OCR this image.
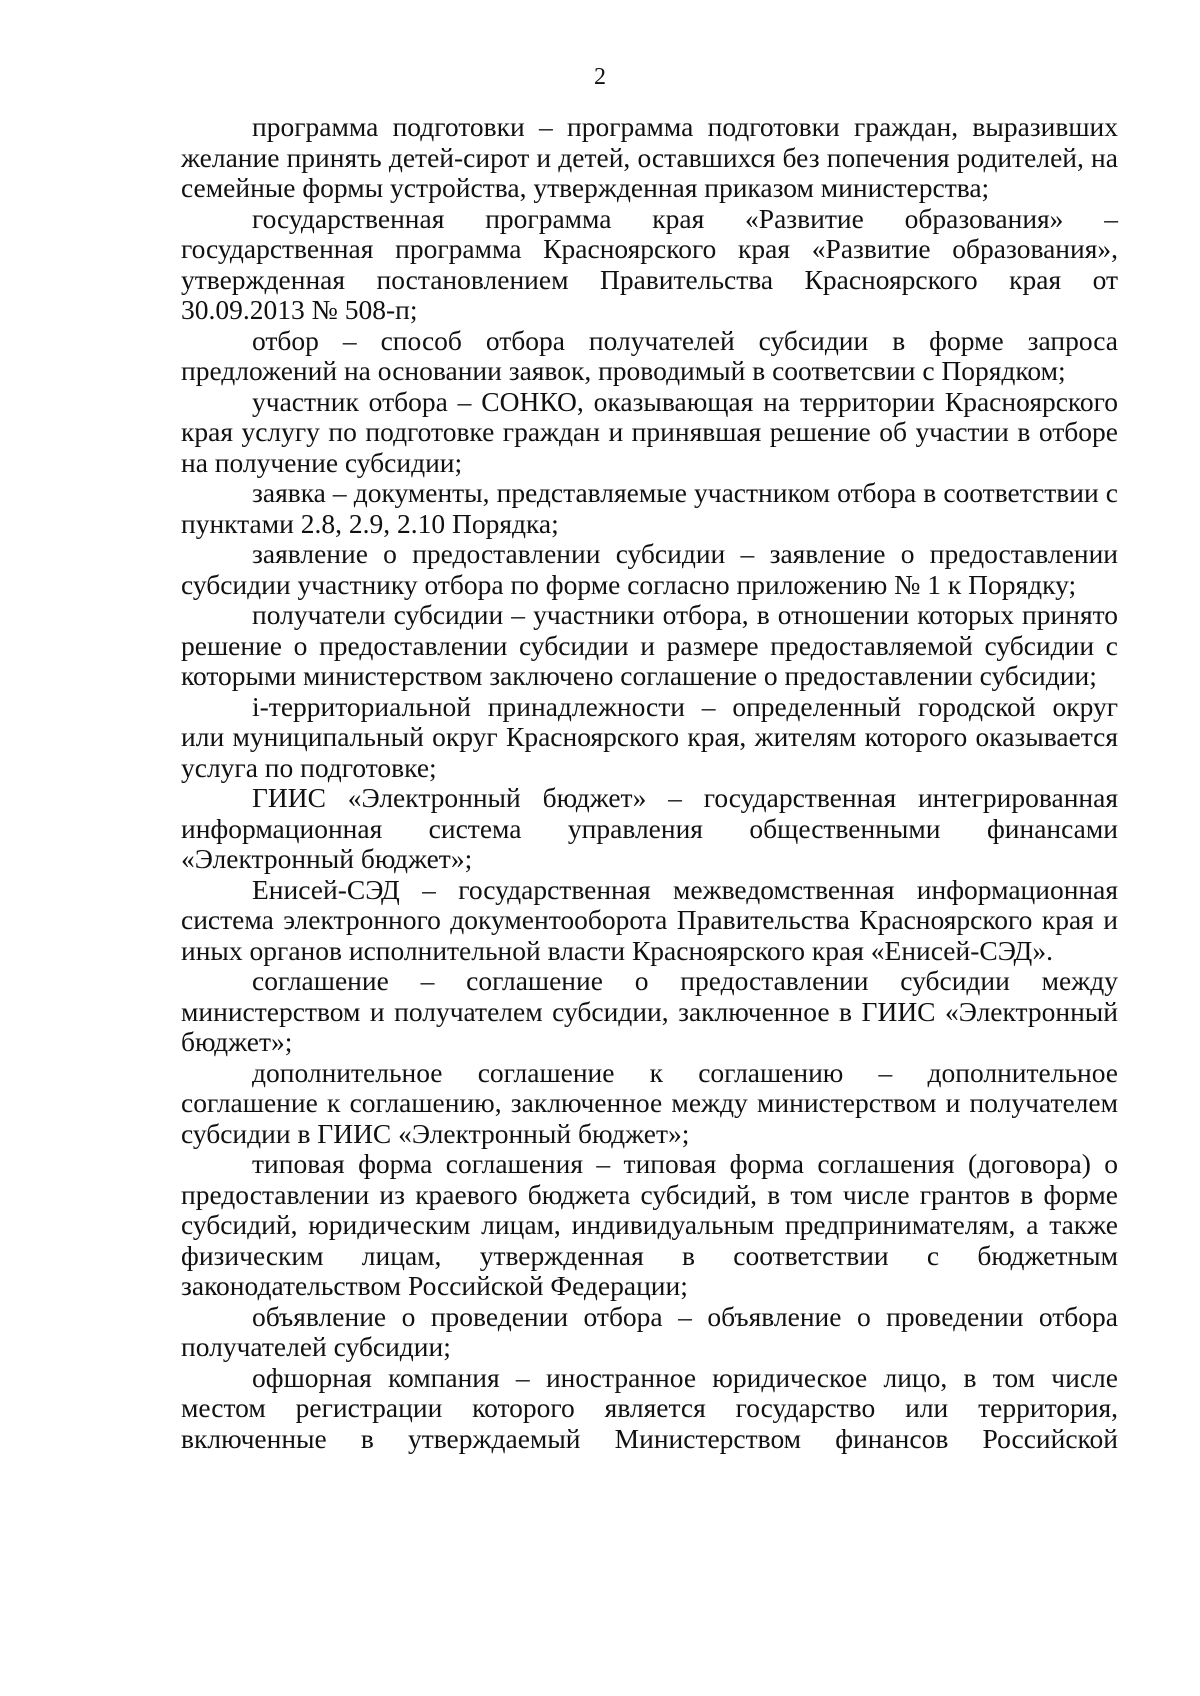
2

программа подготовки – программа подготовки граждан, выразивших желание принять детей-сирот и детей, оставшихся без попечения родителей, на семейные формы устройства, утвержденная приказом министерства;

государственная программа края «Развитие образования» – государственная программа Красноярского края «Развитие образования», утвержденная постановлением Правительства Красноярского края от 30.09.2013 № 508-п;

отбор – способ отбора получателей субсидии в форме запроса предложений на основании заявок, проводимый в соответсвии с Порядком;

участник отбора – СОНКО, оказывающая на территории Красноярского края услугу по подготовке граждан и принявшая решение об участии в отборе на получение субсидии;

заявка – документы, представляемые участником отбора в соответствии с пунктами 2.8, 2.9, 2.10 Порядка;

заявление о предоставлении субсидии – заявление о предоставлении субсидии участнику отбора по форме согласно приложению № 1 к Порядку;

получатели субсидии – участники отбора, в отношении которых принято решение о предоставлении субсидии и размере предоставляемой субсидии с которыми министерством заключено соглашение о предоставлении субсидии;

i-территориальной принадлежности – определенный городской округ или муниципальный округ Красноярского края, жителям которого оказывается услуга по подготовке;

ГИИС «Электронный бюджет» – государственная интегрированная информационная система управления общественными финансами «Электронный бюджет»;

Енисей-СЭД – государственная межведомственная информационная система электронного документооборота Правительства Красноярского края и иных органов исполнительной власти Красноярского края «Енисей-СЭД».

соглашение – соглашение о предоставлении субсидии между министерством и получателем субсидии, заключенное в ГИИС «Электронный бюджет»;

дополнительное соглашение к соглашению – дополнительное соглашение к соглашению, заключенное между министерством и получателем субсидии в ГИИС «Электронный бюджет»;

типовая форма соглашения – типовая форма соглашения (договора) о предоставлении из краевого бюджета субсидий, в том числе грантов в форме субсидий, юридическим лицам, индивидуальным предпринимателям, а также физическим лицам, утвержденная в соответствии с бюджетным законодательством Российской Федерации;

объявление о проведении отбора – объявление о проведении отбора получателей субсидии;

офшорная компания – иностранное юридическое лицо, в том числе местом регистрации которого является государство или территория, включенные в утверждаемый Министерством финансов Российской
